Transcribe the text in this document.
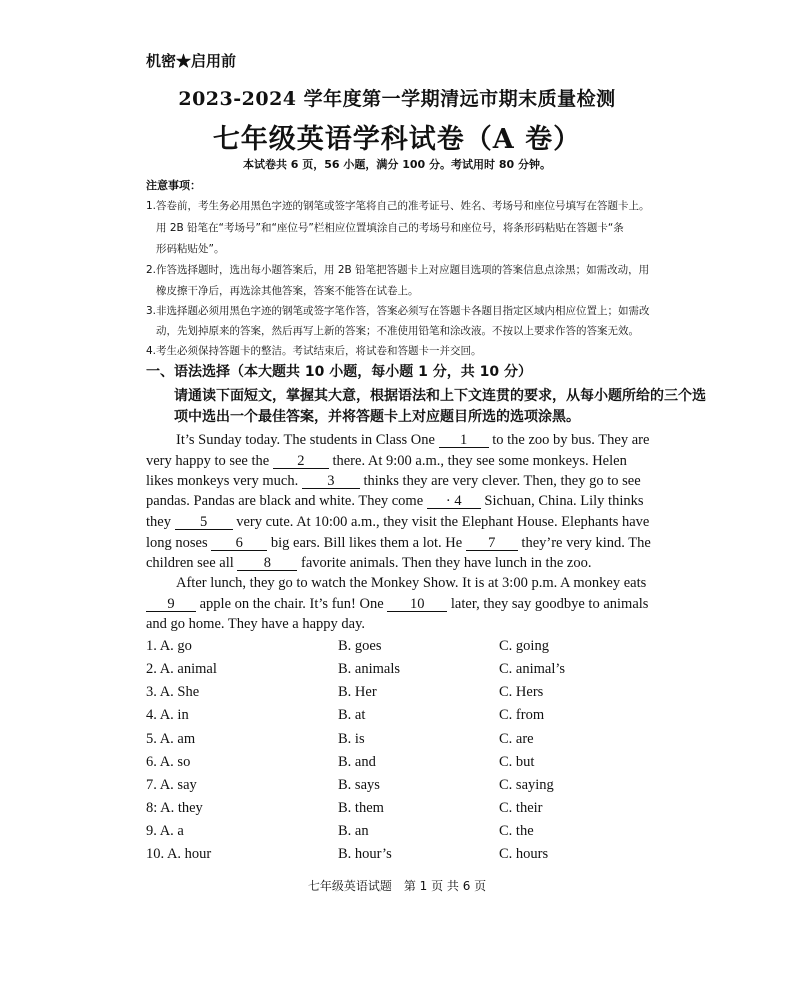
机密★启用前
2023-2024 学年度第一学期清远市期末质量检测
七年级英语学科试卷（A 卷）
本试卷共 6 页，56 小题，满分 100 分。考试用时 80 分钟。
注意事项：
1.答卷前，考生务必用黑色字迹的钢笔或签字笔将自己的准考证号、姓名、考场号和座位号填写在答题卡上。
用 2B 铅笔在“考场号”和“座位号”栏相应位置填涂自己的考场号和座位号，将条形码粘贴在答题卡“条
形码粘贴处”。
2.作答选择题时，选出每小题答案后，用 2B 铅笔把答题卡上对应题目选项的答案信息点涂黑；如需改动，用
橡皮擦干净后，再选涂其他答案，答案不能答在试卷上。
3.非选择题必须用黑色字迹的钢笔或签字笔作答，答案必须写在答题卡各题目指定区域内相应位置上；如需改
动，先划掉原来的答案，然后再写上新的答案；不准使用铅笔和涂改液。不按以上要求作答的答案无效。
4.考生必须保持答题卡的整洁。考试结束后，将试卷和答题卡一并交回。
一、语法选择（本大题共 10 小题，每小题 1 分，共 10 分）
请通读下面短文，掌握其大意，根据语法和上下文连贯的要求，从每小题所给的三个选
项中选出一个最佳答案，并将答题卡上对应题目所选的选项涂黑。
It’s Sunday today. The students in Class One 1 to the zoo by bus. They are
very happy to see the 2 there. At 9:00 a.m., they see some monkeys. Helen
likes monkeys very much. 3 thinks they are very clever. Then, they go to see
pandas. Pandas are black and white. They come · 4 Sichuan, China. Lily thinks
they 5 very cute. At 10:00 a.m., they visit the Elephant House. Elephants have
long noses 6 big ears. Bill likes them a lot. He 7 they’re very kind. The
children see all 8 favorite animals. Then they have lunch in the zoo.
After lunch, they go to watch the Monkey Show. It is at 3:00 p.m. A monkey eats
9 apple on the chair. It’s fun! One 10 later, they say goodbye to animals
and go home. They have a happy day.
1. A. go	B. goes	C. going
2. A. animal	B. animals	C. animal’s
3. A. She	B. Her	C. Hers
4. A. in	B. at	C. from
5. A. am	B. is	C. are
6. A. so	B. and	C. but
7. A. say	B. says	C. saying
8: A. they	B. them	C. their
9. A. a	B. an	C. the
10. A. hour	B. hour’s	C. hours
七年级英语试题　第 1 页 共 6 页
